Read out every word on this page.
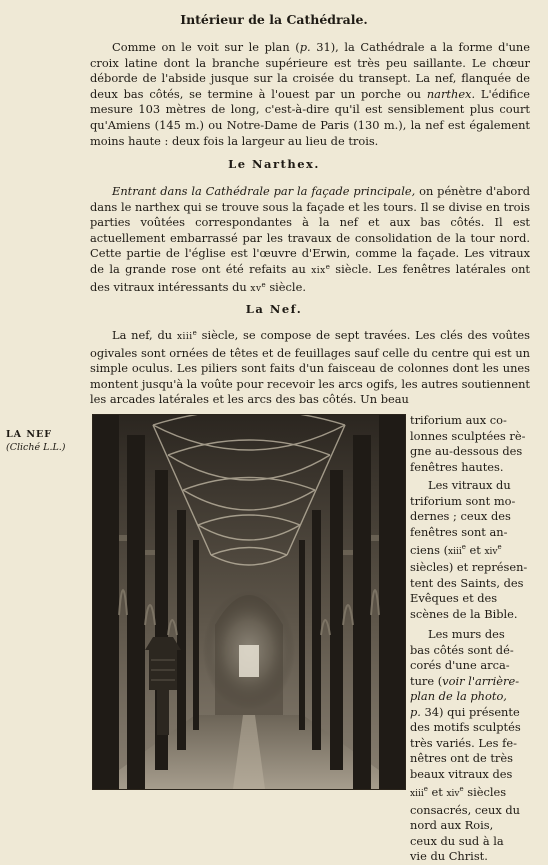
Intérieur de la Cathédrale.

Comme on le voit sur le plan (p. 31), la Cathédrale a la forme d'une croix latine dont la branche supérieure est très peu saillante. Le chœur déborde de l'abside jusque sur la croisée du transept. La nef, flanquée de deux bas côtés, se termine à l'ouest par un porche ou narthex. L'édifice mesure 103 mètres de long, c'est-à-dire qu'il est sensiblement plus court qu'Amiens (145 m.) ou Notre-Dame de Paris (130 m.), la nef est également moins haute : deux fois la largeur au lieu de trois.

Le Narthex.

Entrant dans la Cathédrale par la façade principale, on pénètre d'abord dans le narthex qui se trouve sous la façade et les tours. Il se divise en trois parties voûtées correspondantes à la nef et aux bas côtés. Il est actuellement embarrassé par les travaux de consolidation de la tour nord. Cette partie de l'église est l'œuvre d'Erwin, comme la façade. Les vitraux de la grande rose ont été refaits au xix$^e$ siècle. Les fenêtres latérales ont des vitraux intéressants du $xv^e$ siècle.

La Nef.

La nef, du xiii$^e$ siècle, se compose de sept travées. Les clés des voûtes ogivales sont ornées de têtes et de feuillages sauf celle du centre qui est un simple oculus. Les piliers sont faits d'un faisceau de colonnes dont les unes montent jusqu'à la voûte pour recevoir les arcs ogifs, les autres soutiennent les arcades latérales et les arcs des bas côtés. Un beau

LA NEF
(Cliché L.L.)
triforium aux co-
lonnes sculptées rè-
gne au-dessous des
fenêtres hautes.
Les vitraux du
triforium sont mo-
dernes ; ceux des
fenêtres sont an-
ciens (xiii$^e$ et xiv$^e$
siècles) et représen-
tent des Saints, des
Evêques et des
scènes de la Bible.
Les murs des
bas côtés sont dé-
corés d'une arca-
ture (voir l'arrière-
plan de la photo,
p. 34) qui présente
des motifs sculptés
très variés. Les fe-
nêtres ont de très
beaux vitraux des
xiii$^e$ et xiv$^e$ siècles
consacrés, ceux du
nord aux Rois,
ceux du sud à la
vie du Christ.
